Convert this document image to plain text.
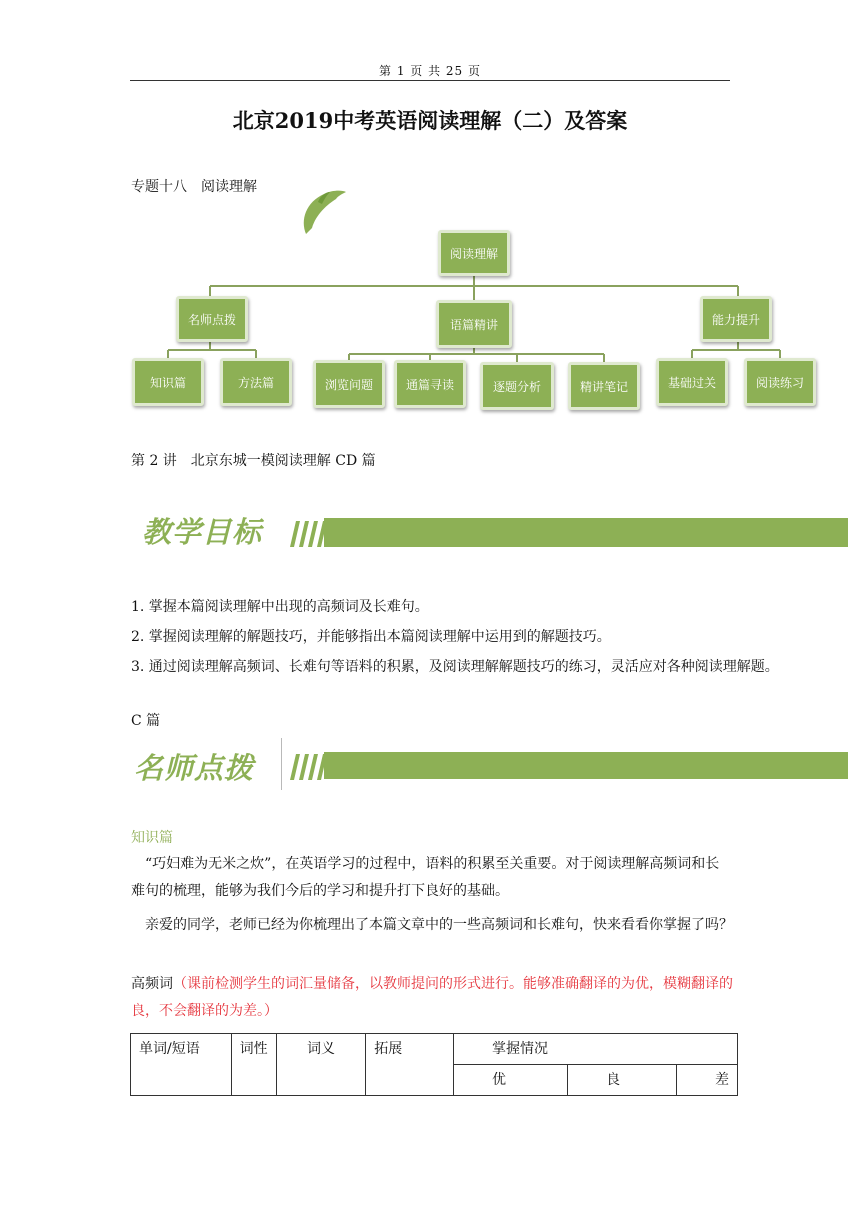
第 1 页 共 25 页
北京2019中考英语阅读理解（二）及答案
专题十八　阅读理解
阅读理解
名师点拨	语篇精讲	能力提升
知识篇	方法篇	浏览问题	通篇寻读	逐题分析	精讲笔记	基础过关	阅读练习
第 2 讲　北京东城一模阅读理解 CD 篇
教学目标
1. 掌握本篇阅读理解中出现的高频词及长难句。
2. 掌握阅读理解的解题技巧，并能够指出本篇阅读理解中运用到的解题技巧。
3. 通过阅读理解高频词、长难句等语料的积累，及阅读理解解题技巧的练习，灵活应对各种阅读理解题。
C 篇
名师点拨
知识篇
“巧妇难为无米之炊”，在英语学习的过程中，语料的积累至关重要。对于阅读理解高频词和长难句的梳理，能够为我们今后的学习和提升打下良好的基础。
亲爱的同学，老师已经为你梳理出了本篇文章中的一些高频词和长难句，快来看看你掌握了吗？
高频词（课前检测学生的词汇量储备，以教师提问的形式进行。能够准确翻译的为优，模糊翻译的良，不会翻译的为差。）
单词/短语	词性	词义	拓展	掌握情况		
				优	良	差
